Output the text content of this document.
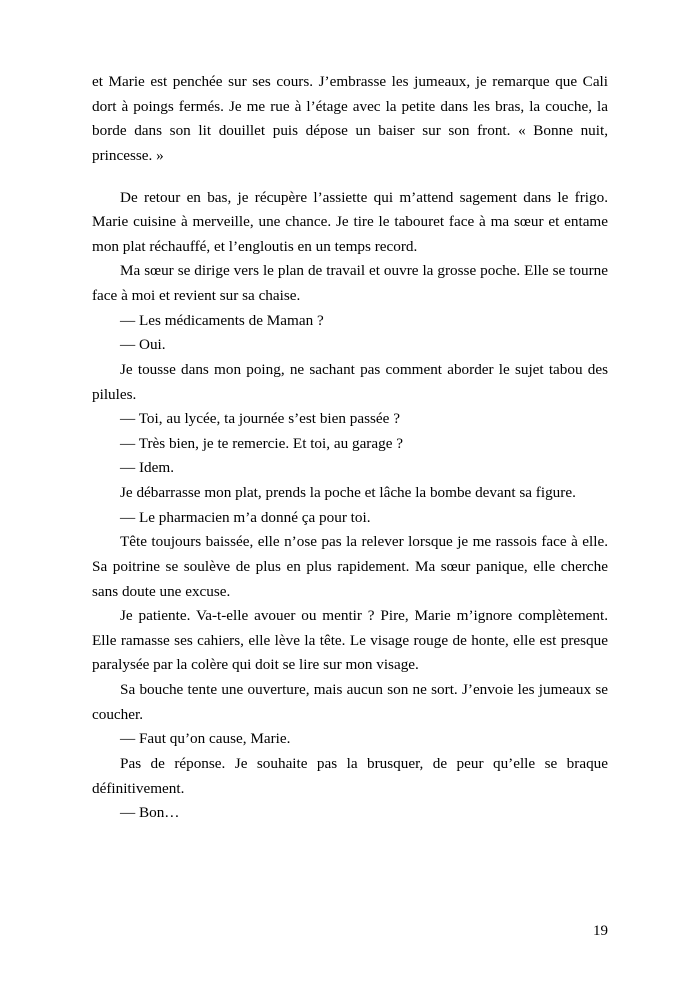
et Marie est penchée sur ses cours. J’embrasse les jumeaux, je remarque que Cali dort à poings fermés. Je me rue à l’étage avec la petite dans les bras, la couche, la borde dans son lit douillet puis dépose un baiser sur son front. « Bonne nuit, princesse. »

De retour en bas, je récupère l’assiette qui m’attend sagement dans le frigo. Marie cuisine à merveille, une chance. Je tire le tabouret face à ma sœur et entame mon plat réchauffé, et l’engloutis en un temps record.

Ma sœur se dirige vers le plan de travail et ouvre la grosse poche. Elle se tourne face à moi et revient sur sa chaise.

— Les médicaments de Maman ?

— Oui.

Je tousse dans mon poing, ne sachant pas comment aborder le sujet tabou des pilules.

— Toi, au lycée, ta journée s’est bien passée ?

— Très bien, je te remercie. Et toi, au garage ?

— Idem.

Je débarrasse mon plat, prends la poche et lâche la bombe devant sa figure.

— Le pharmacien m’a donné ça pour toi.

Tête toujours baissée, elle n’ose pas la relever lorsque je me rassois face à elle. Sa poitrine se soulève de plus en plus rapidement. Ma sœur panique, elle cherche sans doute une excuse.

Je patiente. Va-t-elle avouer ou mentir ? Pire, Marie m’ignore complètement. Elle ramasse ses cahiers, elle lève la tête. Le visage rouge de honte, elle est presque paralysée par la colère qui doit se lire sur mon visage.

Sa bouche tente une ouverture, mais aucun son ne sort. J’envoie les jumeaux se coucher.

— Faut qu’on cause, Marie.

Pas de réponse. Je souhaite pas la brusquer, de peur qu’elle se braque définitivement.

— Bon…

19
